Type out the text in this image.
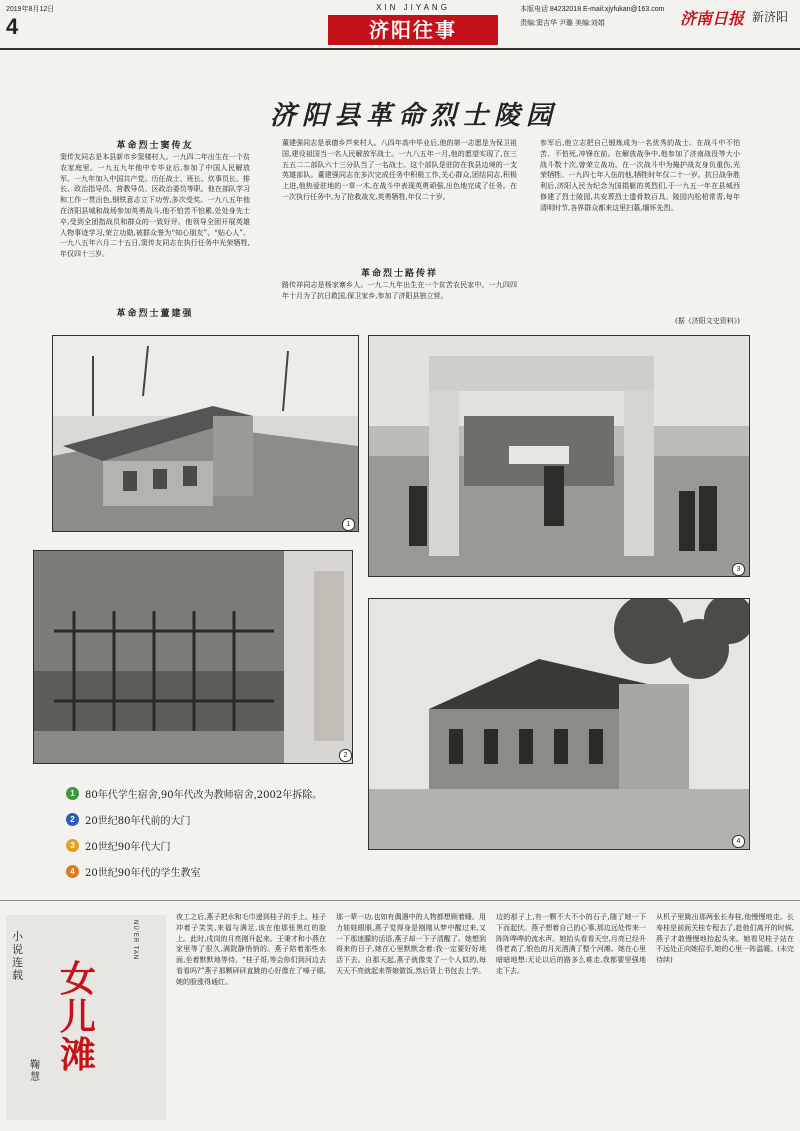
2019年8月12日
4
XIN JIYANG
济阳往事
本版电话 84232018 E-mail:xjyfukan@163.com
责编:窦吉华 尹璐 美编:刘娟	济南日报 新济阳
济阳县革命烈士陵园
革命烈士窦传友
窦传友同志是本县新市乡窦楼村人。一九四二年出生在一个贫农家庭里。一九五九年他中专毕业后,参加了中国人民解放军。一九年加入中国共产党。历任战士、班长、炊事员长、排长、政治指导员、营教导员、区政治委员等职。他在部队学习和工作一贯出色,钢铁意志立下功劳,多次受奖。一九八五年他在济阳县城和战场参加英勇战斗,他不怕苦不怕累,处处身先士卒,受到全团指战员和群众的一致好评。他领导全团开展英雄人物事迹学习,荣立功勋,被群众誉为“知心朋友”、“贴心人”。一九八五年六月二十五日,窦传友同志在执行任务中光荣牺牲,年仅四十三岁。
革命烈士董建强
董建强同志是承德乡芦来村人。八四年高中毕业后,他的第一志愿是为保卫祖国,建设祖国当一名人民解放军战士。一九八五年一月,他的愿望实现了,在三五五二二部队六十三分队当了一名战士。这个部队是驻防在我县边境的一支英雄部队。董建强同志在多次完成任务中积极工作,关心群众,团结同志,积极上进,他热爱驻地的一草一木,在战斗中表现英勇顽强,出色地完成了任务。在一次执行任务中,为了抢救战友,英勇牺牲,年仅二十岁。
革命烈士路传祥
路传祥同志是杨家寨乡人。一九二九年出生在一个贫苦农民家中。一九四四年十月为了抗日救国,保卫家乡,参加了济阳县独立营。
参军后,他立志把自己锻炼成为一名优秀的战士。在战斗中不怕苦、不怕死,冲锋在前。在解放战争中,他参加了济南战役等大小战斗数十次,曾荣立战功。在一次战斗中为掩护战友身负重伤,光荣牺牲。一九四七年入伍的他,牺牲时年仅二十一岁。抗日战争胜利后,济阳人民为纪念为国捐躯的英烈们,于一九五一年在县城西修建了烈士陵园,共安葬烈士遗骨数百具。陵园内松柏常青,每年清明时节,各界群众都来这里扫墓,缅怀先烈。
(据《济阳文史资料》)
1
3
2
4
1	80年代学生宿舍,90年代改为教师宿舍,2002年拆除。
2	20世纪80年代前的大门
3	20世纪90年代大门
4	20世纪90年代的学生教室
小说连载 女儿滩
NÜ'ER TAN
鞠慧
夜工之后,燕子把水和毛巾递到桂子的手上。桂子冲着子笑笑,来福与满足,该在他那张黑红的脸上。此时,戌岗的月亮刚升起来。王秉才和小燕在家里等了很久,满院静悄悄的。燕子陪着那些水面,坐着默默地等待。“桂子哥,等会你们到河边去看看吗?”燕子那颗砰砰直跳的心好像在了嗓子眼,她的脸涨得通红。
那一辈一功,也如有偶遇中的人物都想顾着睡。用力娃娃眼眼,燕子觉得身是刚刚从梦中醒过来,又一下那迷朦的话语,燕子却一下子清醒了。她想到将来的日子,她在心里默默念着:我一定要好好地活下去。自那天起,燕子就像变了一个人似的,每天天不亮就起来帮娘做饭,然后背上书包去上学。
边的那子上,有一颗不大不小的石子,随了她一下下而起伏。燕子想着自己的心事,那边远处传来一阵阵哗哗的流水声。她抬头看看天空,月亮已经升得老高了,银色的月光洒满了整个河滩。她在心里暗暗地想:无论以后的路多么难走,我都要坚强地走下去。
从机子里跳出那两张长寿桂,他慢慢地走。长寿桂是前面关桂专程去了,趁他们离开的时候,燕子才敢慢慢地抬起头来。她看见桂子站在不远处正向她招手,她的心里一阵温暖。(未完待续)
